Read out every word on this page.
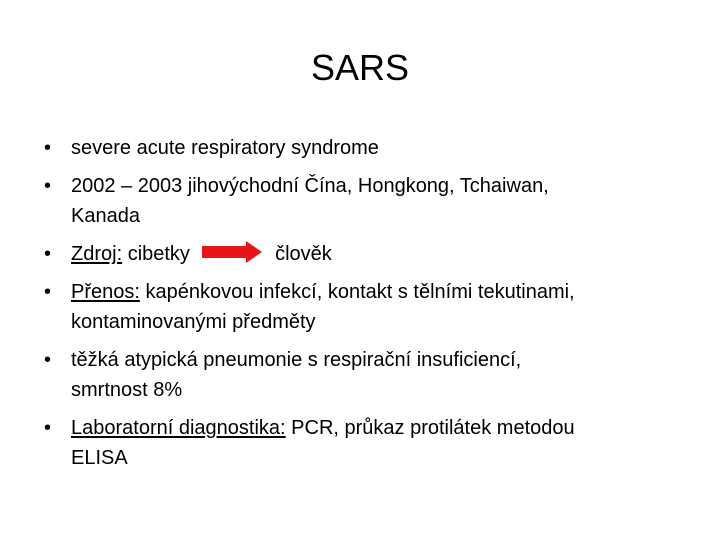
SARS
• severe acute respiratory syndrome
• 2002 – 2003 jihovýchodní Čína, Hongkong, Tchaiwan,
Kanada
• Zdroj: cibetky	člověk
• Přenos: kapénkovou infekcí, kontakt s tělními tekutinami,
kontaminovanými předměty
• těžká atypická pneumonie s respirační insuficiencí,
smrtnost 8%
• Laboratorní diagnostika: PCR, průkaz protilátek metodou
ELISA
